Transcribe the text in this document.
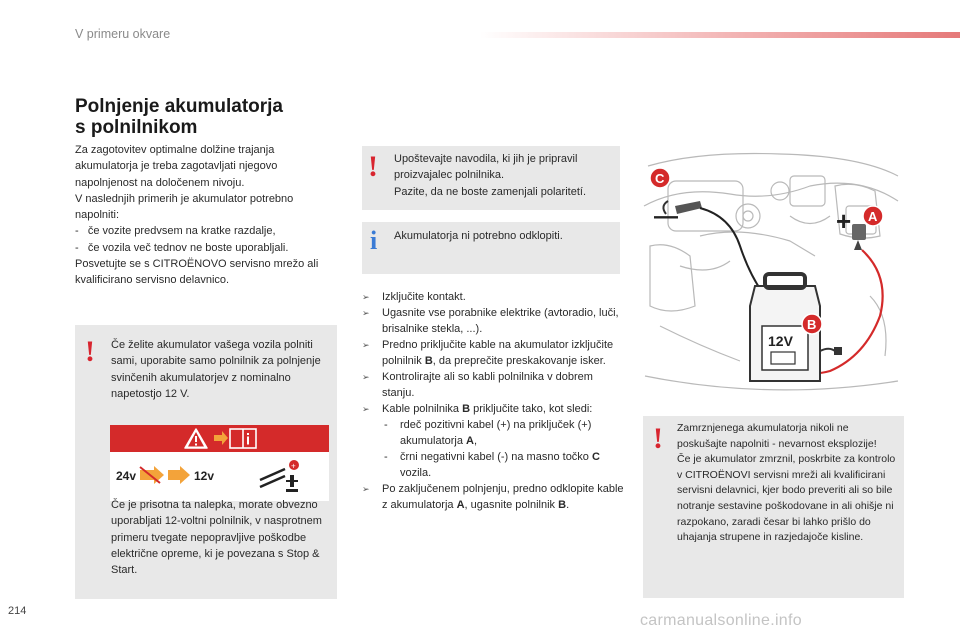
V primeru okvare
Polnjenje akumulatorja
s polnilnikom

Za zagotovitev optimalne dolžine trajanja akumulatorja je treba zagotavljati njegovo napolnjenost na določenem nivoju.

V naslednjih primerih je akumulator potrebno napolniti:

-   če vozite predvsem na kratke razdalje,

-   če vozila več tednov ne boste uporabljali.

Posvetujte se s CITROËNOVO servisno mrežo ali kvalificirano servisno delavnico.

! Če želite akumulator vašega vozila polniti sami, uporabite samo polnilnik za polnjenje svinčenih akumulatorjev z nominalno napetostjo 12 V.
24v	12v
+
Če je prisotna ta nalepka, morate obvezno uporabljati 12-voltni polnilnik, v nasprotnem primeru tvegate nepopravljive poškodbe električne opreme, ki je povezana s Stop & Start.
! Upoštevajte navodila, ki jih je pripravil proizvajalec polnilnika.

Pazite, da ne boste zamenjali polaritetí.

i Akumulatorja ni potrebno odklopiti.
➢ Izključite kontakt.
➢ Ugasnite vse porabnike elektrike (avtoradio, luči, brisalnike stekla, ...).
➢ Predno priključite kable na akumulator izključite polnilnik B, da preprečite preskakovanje isker.
➢ Kontrolirajte ali so kabli polnilnika v dobrem stanju.
➢ Kable polnilnika B priključite tako, kot sledi:
- rdeč pozitivni kabel (+) na priključek (+) akumulatorja A,
- črni negativni kabel (-) na masno točko C vozila.
➢ Po zaključenem polnjenju, predno odklopite kable z akumulatorja A, ugasnite polnilnik B.
—	+
12V
C
A
B
! Zamrznjenega akumulatorja nikoli ne poskušajte napolniti - nevarnost eksplozije!

Če je akumulator zmrznil, poskrbite za kontrolo v CITROËNOVI servisni mreži ali kvalificirani servisni delavnici, kjer bodo preveriti ali so bile notranje sestavine poškodovane in ali ohišje ni razpokano, zaradi česar bi lahko prišlo do uhajanja strupene in razjedajoče kisline.

214
carmanualsonline.info
